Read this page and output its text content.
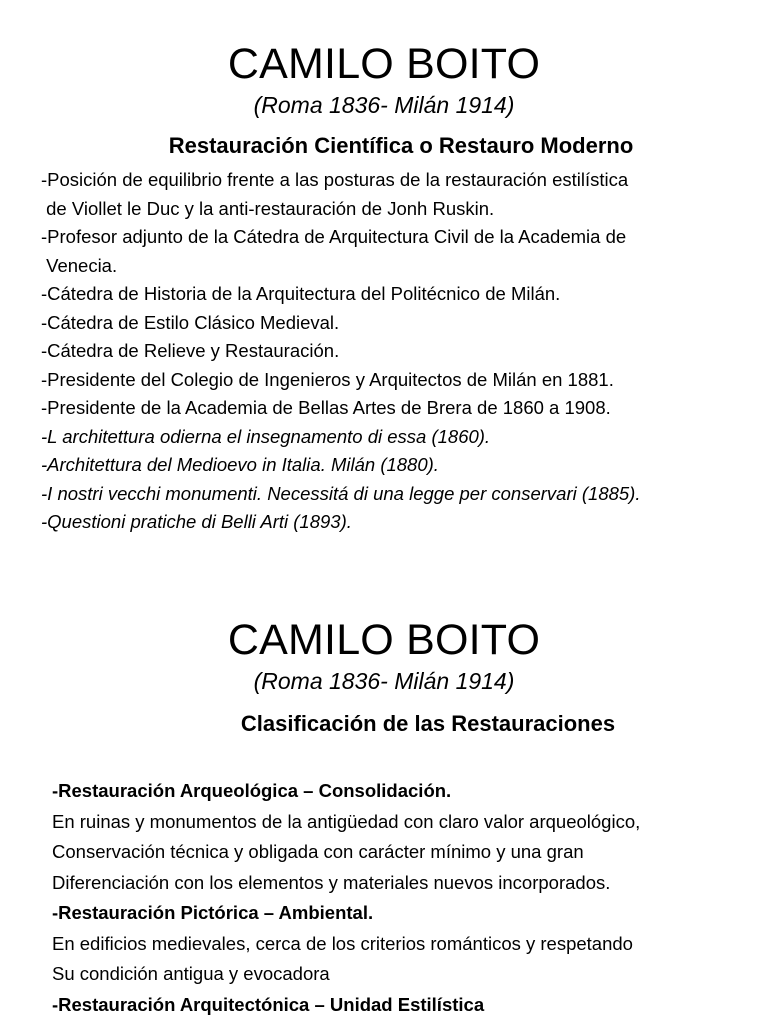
CAMILO BOITO

(Roma 1836- Milán 1914)

Restauración Científica o Restauro Moderno
-Posición de equilibrio frente a las posturas de la restauración estilística
de Viollet le Duc y la anti-restauración de Jonh Ruskin.
-Profesor adjunto de la Cátedra de Arquitectura Civil de la Academia de
Venecia.
-Cátedra de Historia de la Arquitectura del Politécnico de Milán.
-Cátedra de Estilo Clásico Medieval.
-Cátedra de Relieve y Restauración.
-Presidente del Colegio de Ingenieros y Arquitectos de Milán en 1881.
-Presidente de la Academia de Bellas Artes de Brera de 1860 a 1908.
-L architettura odierna el insegnamento di essa (1860).
-Architettura del Medioevo in Italia. Milán (1880).
-I nostri vecchi monumenti. Necessitá di una legge per conservari (1885).
-Questioni pratiche di Belli Arti (1893).
CAMILO BOITO

(Roma 1836- Milán 1914)

Clasificación de las Restauraciones
-Restauración Arqueológica – Consolidación.
En ruinas y monumentos de la antigüedad con claro valor arqueológico,
Conservación técnica y obligada con carácter mínimo y una gran
Diferenciación con los elementos y materiales nuevos incorporados.
-Restauración Pictórica – Ambiental.
En edificios medievales, cerca de los criterios románticos y respetando
Su condición antigua y evocadora
-Restauración Arquitectónica – Unidad Estilística
